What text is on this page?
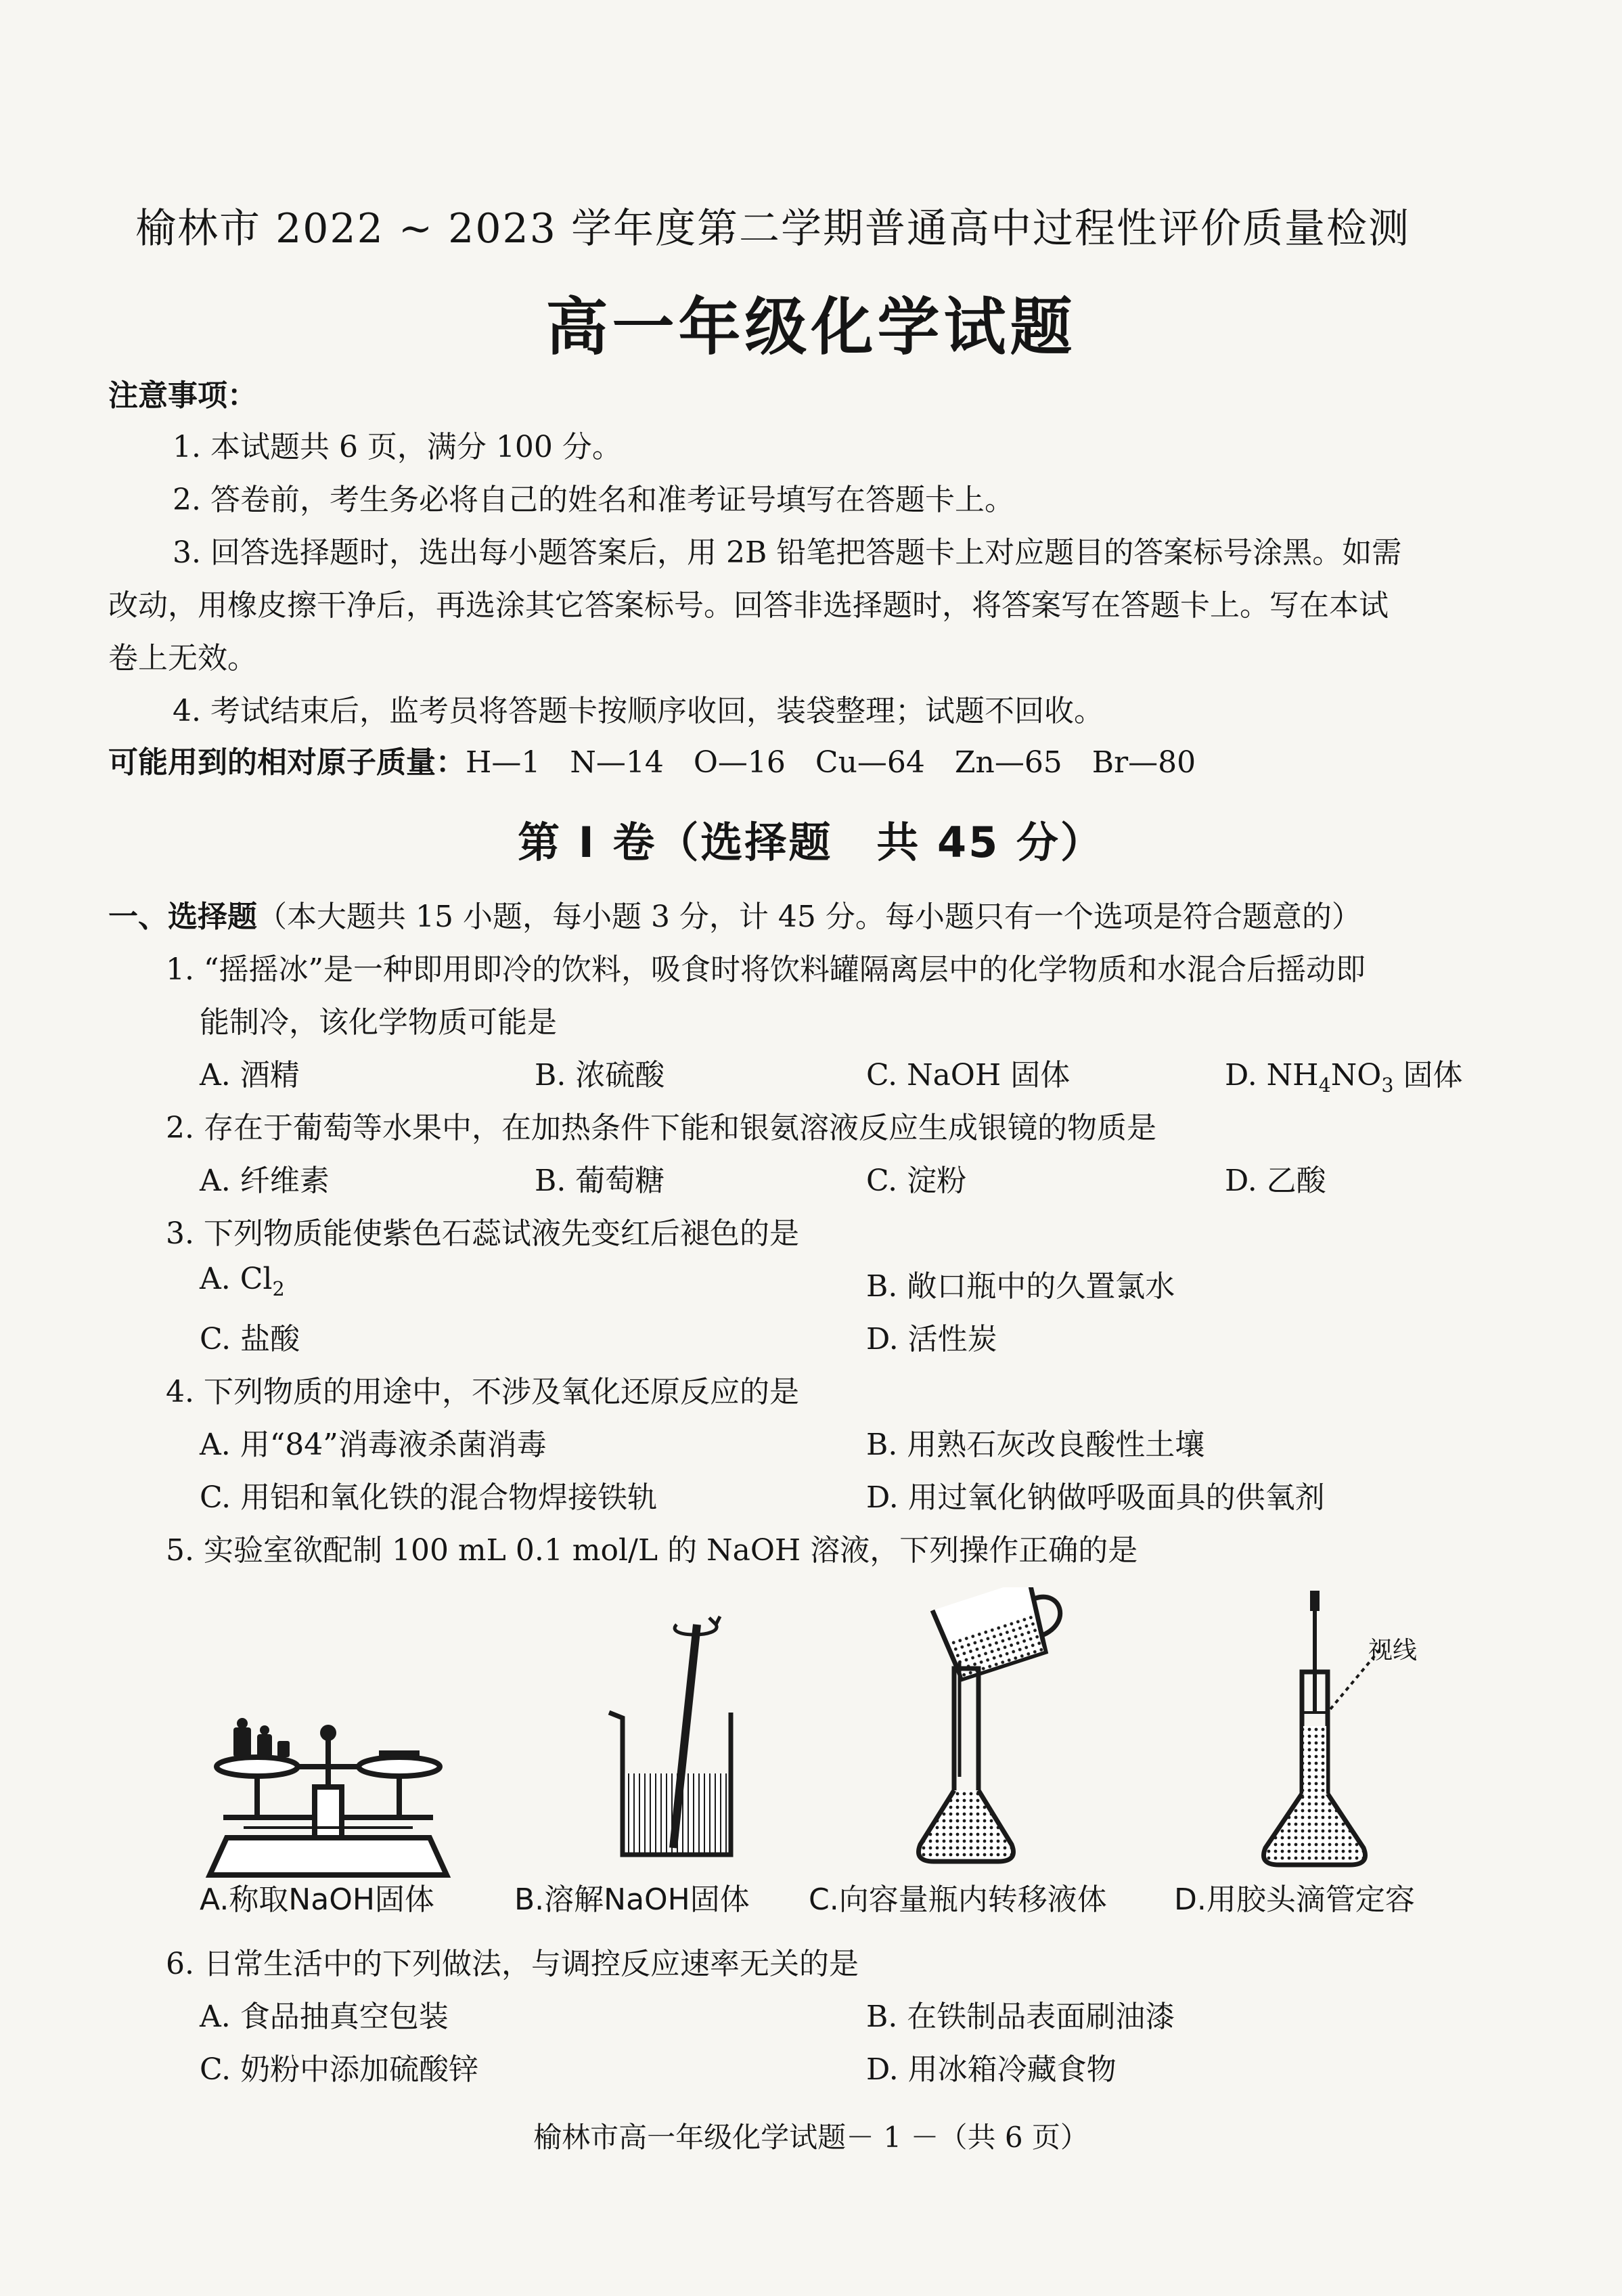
榆林市 2022 ~ 2023 学年度第二学期普通高中过程性评价质量检测
高一年级化学试题
注意事项：
1. 本试题共 6 页，满分 100 分。
2. 答卷前，考生务必将自己的姓名和准考证号填写在答题卡上。
3. 回答选择题时，选出每小题答案后，用 2B 铅笔把答题卡上对应题目的答案标号涂黑。如需
改动，用橡皮擦干净后，再选涂其它答案标号。回答非选择题时，将答案写在答题卡上。写在本试
卷上无效。
4. 考试结束后，监考员将答题卡按顺序收回，装袋整理；试题不回收。
可能用到的相对原子质量：H—1　N—14　O—16　Cu—64　Zn—65　Br—80
第 Ⅰ 卷（选择题　共 45 分）
一、选择题（本大题共 15 小题，每小题 3 分，计 45 分。每小题只有一个选项是符合题意的）
1. “摇摇冰”是一种即用即冷的饮料，吸食时将饮料罐隔离层中的化学物质和水混合后摇动即
能制冷，该化学物质可能是
A. 酒精	B. 浓硫酸	C. NaOH 固体	D. $NH_4NO_3$ 固体
2. 存在于葡萄等水果中，在加热条件下能和银氨溶液反应生成银镜的物质是
A. 纤维素	B. 葡萄糖	C. 淀粉	D. 乙酸
3. 下列物质能使紫色石蕊试液先变红后褪色的是
A. $Cl_2$	B. 敞口瓶中的久置氯水
C. 盐酸	D. 活性炭
4. 下列物质的用途中，不涉及氧化还原反应的是
A. 用“84”消毒液杀菌消毒	B. 用熟石灰改良酸性土壤
C. 用铝和氧化铁的混合物焊接铁轨	D. 用过氧化钠做呼吸面具的供氧剂
5. 实验室欲配制 100 mL 0.1 mol/L 的 NaOH 溶液，下列操作正确的是
A.称取NaOH固体	B.溶解NaOH固体 C.向容量瓶内转移液体
视线
D.用胶头滴管定容
6. 日常生活中的下列做法，与调控反应速率无关的是
A. 食品抽真空包装	B. 在铁制品表面刷油漆
C. 奶粉中添加硫酸锌	D. 用冰箱冷藏食物
榆林市高一年级化学试题－ 1 －（共 6 页）
